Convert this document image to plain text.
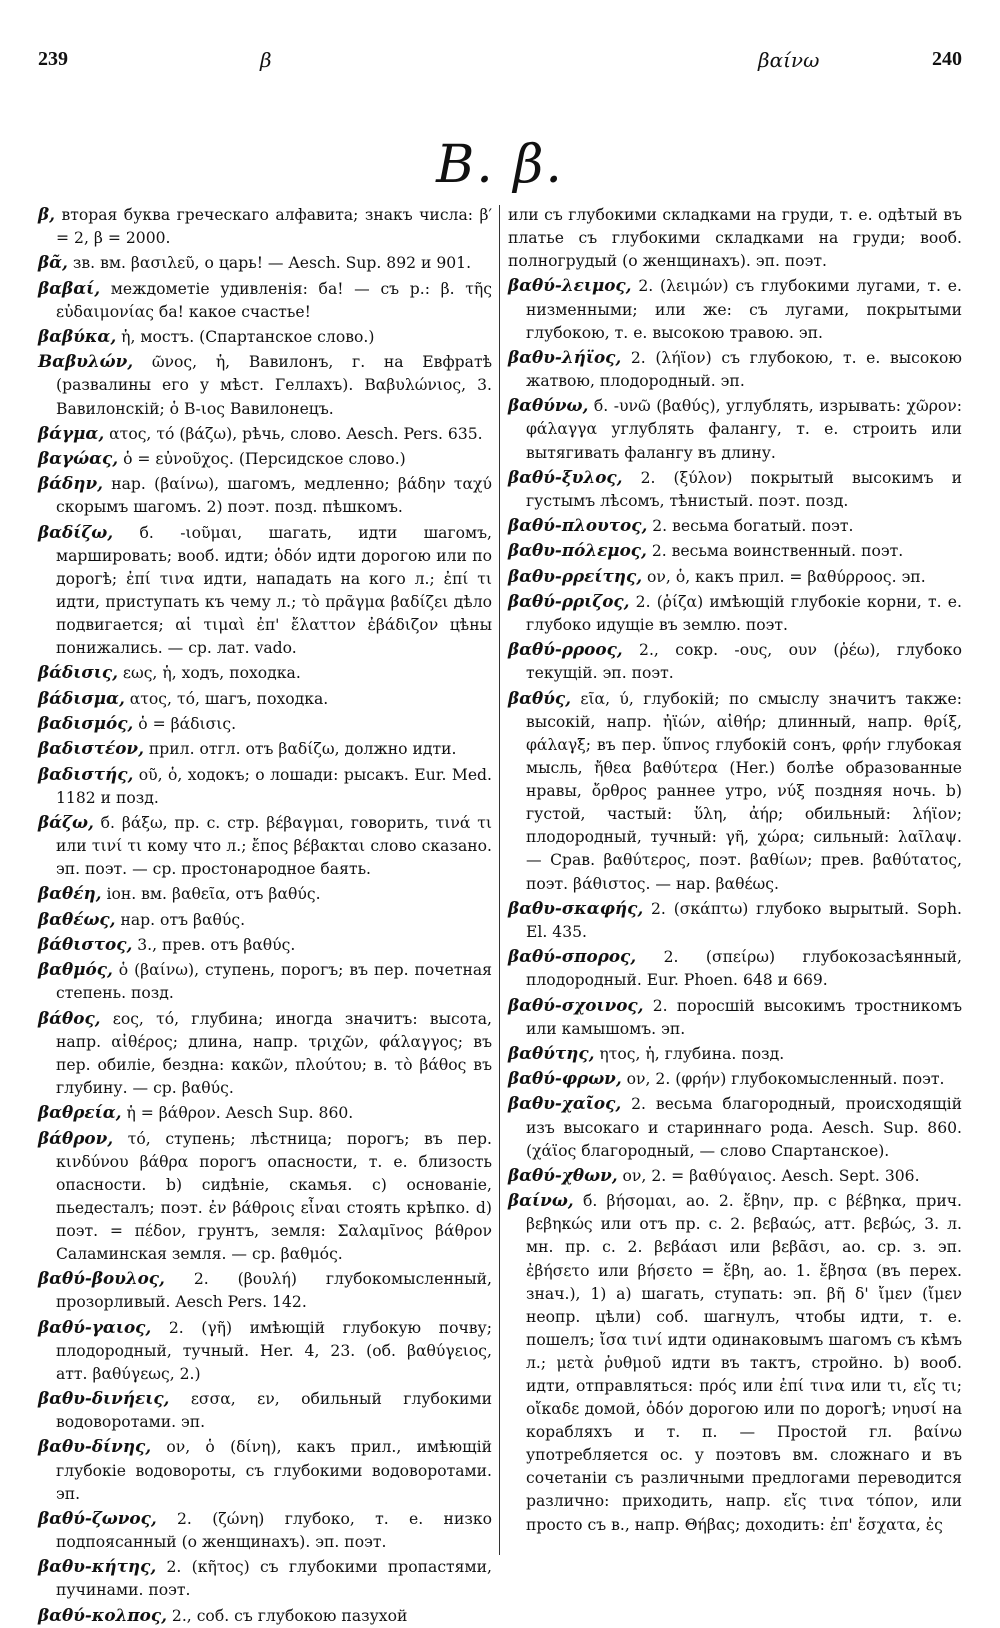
239	β	βαίνω	240
Β. β.

β, вторая буква греческаго алфавита; знакъ числа: β′ = 2, β = 2000.

βᾶ, зв. вм. βασιλεῦ, о царь! — Aesch. Sup. 892 и 901.

βαβαί, междометіе удивленія: ба! — съ р.: β. τῆς εὐδαιμονίας ба! какое счастье!

βαβύκα, ἡ, мостъ. (Спартанское слово.)

Βαβυλών, ῶνος, ἡ, Вавилонъ, г. на Евфратѣ (развалины его у мѣст. Геллахъ). Βαβυλώνιος, 3. Вавилонскій; ὁ Β-ιος Вавилонецъ.

βάγμα, ατος, τό (βάζω), рѣчь, слово. Aesch. Pers. 635.

βαγώας, ὁ = εὐνοῦχος. (Персидское слово.)

βάδην, нар. (βαίνω), шагомъ, медленно; βάδην ταχύ скорымъ шагомъ. 2) поэт. позд. пѣшкомъ.

βαδίζω, б. -ιοῦμαι, шагать, идти шагомъ, маршировать; вооб. идти; ὁδόν идти дорогою или по дорогѣ; ἐπί τινα идти, нападать на кого л.; ἐπί τι идти, приступать къ чему л.; τὸ πρᾶγμα βαδίζει дѣло подвигается; αἱ τιμαὶ ἐπ' ἔλαττον ἐβάδιζον цѣны понижались. — ср. лат. vado.

βάδισις, εως, ἡ, ходъ, походка.

βάδισμα, ατος, τό, шагъ, походка.

βαδισμός, ὁ = βάδισις.

βαδιστέον, прил. отгл. отъ βαδίζω, должно идти.

βαδιστής, οῦ, ὁ, ходокъ; о лошади: рысакъ. Eur. Med. 1182 и позд.

βάζω, б. βάξω, пр. с. стр. βέβαγμαι, говорить, τινά τι или τινί τι кому что л.; ἔπος βέβακται слово сказано. эп. поэт. — ср. простонародное баять.

βαθέη, іон. вм. βαθεῖα, отъ βαθύς.

βαθέως, нар. отъ βαθύς.

βάθιστος, 3., прев. отъ βαθύς.

βαθμός, ὁ (βαίνω), ступень, порогъ; въ пер. почетная степень. позд.

βάθος, εος, τό, глубина; иногда значитъ: высота, напр. αἰθέρος; длина, напр. τριχῶν, φάλαγγος; въ пер. обиліе, бездна: κακῶν, πλούτου; в. τὸ βάθος въ глубину. — ср. βαθύς.

βαθρεία, ἡ = βάθρον. Aesch Sup. 860.

βάθρον, τό, ступень; лѣстница; порогъ; въ пер. κινδύνου βάθρα порогъ опасности, т. е. близость опасности. b) сидѣніе, скамья. c) основаніе, пьедесталъ; поэт. ἐν βάθροις εἶναι стоять крѣпко. d) поэт. = πέδον, грунтъ, земля: Σαλαμῖνος βάθρον Саламинская земля. — ср. βαθμός.

βαθύ-βουλος, 2. (βουλή) глубокомысленный, прозорливый. Aesch Pers. 142.

βαθύ-γαιος, 2. (γῆ) имѣющій глубокую почву; плодородный, тучный. Her. 4, 23. (об. βαθύγειος, атт. βαθύγεως, 2.)

βαθυ-δινήεις, εσσα, εν, обильный глубокими водоворотами. эп.

βαθυ-δίνης, ον, ὁ (δίνη), какъ прил., имѣющій глубокіе водовороты, съ глубокими водоворотами. эп.

βαθύ-ζωνος, 2. (ζώνη) глубоко, т. е. низко подпоясанный (о женщинахъ). эп. поэт.

βαθυ-κήτης, 2. (κῆτος) съ глубокими пропастями, пучинами. поэт.

βαθύ-κολπος, 2., соб. съ глубокою пазухой

или съ глубокими складками на груди, т. е. одѣтый въ платье съ глубокими складками на груди; вооб. полногрудый (о женщинахъ). эп. поэт.

βαθύ-λειμος, 2. (λειμών) съ глубокими лугами, т. е. низменными; или же: съ лугами, покрытыми глубокою, т. е. высокою травою. эп.

βαθυ-λήϊος, 2. (λήϊον) съ глубокою, т. е. высокою жатвою, плодородный. эп.

βαθύνω, б. -υνῶ (βαθύς), углублять, изрывать: χῶρον: φάλαγγα углублять фалангу, т. е. строить или вытягивать фалангу въ длину.

βαθύ-ξυλος, 2. (ξύλον) покрытый высокимъ и густымъ лѣсомъ, тѣнистый. поэт. позд.

βαθύ-πλουτος, 2. весьма богатый. поэт.

βαθυ-πόλεμος, 2. весьма воинственный. поэт.

βαθυ-ρρείτης, ον, ὁ, какъ прил. = βαθύρροος. эп.

βαθύ-ρριζος, 2. (ῥίζα) имѣющій глубокіе корни, т. е. глубоко идущіе въ землю. поэт.

βαθύ-ρροος, 2., сокр. -ους, ουν (ῥέω), глубоко текущій. эп. поэт.

βαθύς, εῖα, ύ, глубокій; по смыслу значитъ также: высокій, напр. ἠϊών, αἰθήρ; длинный, напр. θρίξ, φάλαγξ; въ пер. ὕπνος глубокій сонъ, φρήν глубокая мысль, ἤθεα βαθύτερα (Her.) болѣе образованные нравы, ὄρθρος раннее утро, νύξ поздняя ночь. b) густой, частый: ὕλη, ἀήρ; обильный: λήϊον; плодородный, тучный: γῆ, χώρα; сильный: λαῖλαψ. — Срав. βαθύτερος, поэт. βαθίων; прев. βαθύτατος, поэт. βάθιστος. — нар. βαθέως.

βαθυ-σκαφής, 2. (σκάπτω) глубоко вырытый. Soph. El. 435.

βαθύ-σπορος, 2. (σπείρω) глубокозасѣянный, плодородный. Eur. Phoen. 648 и 669.

βαθύ-σχοινος, 2. поросшій высокимъ тростникомъ или камышомъ. эп.

βαθύτης, ητος, ἡ, глубина. позд.

βαθύ-φρων, ον, 2. (φρήν) глубокомысленный. поэт.

βαθυ-χαῖος, 2. весьма благородный, происходящій изъ высокаго и стариннаго рода. Aesch. Sup. 860. (χάϊος благородный, — слово Спартанское).

βαθύ-χθων, ον, 2. = βαθύγαιος. Aesch. Sept. 306.

βαίνω, б. βήσομαι, ао. 2. ἔβην, пр. с βέβηκα, прич. βεβηκώς или отъ пр. с. 2. βεβαώς, атт. βεβώς, 3. л. мн. пр. с. 2. βεβάασι или βεβᾶσι, ао. ср. з. эп. ἐβήσετο или βήσετο = ἔβη, ао. 1. ἔβησα (въ перех. знач.), 1) а) шагать, ступать: эп. βῆ δ' ἴμεν (ἴμεν неопр. цѣли) соб. шагнулъ, чтобы идти, т. е. пошелъ; ἴσα τινί идти одинаковымъ шагомъ съ кѣмъ л.; μετὰ ῥυθμοῦ идти въ тактъ, стройно. b) вооб. идти, отправляться: πρός или ἐπί τινα или τι, εἴς τι; οἴκαδε домой, ὁδόν дорогою или по дорогѣ; νηυσί на корабляхъ и т. п. — Простой гл. βαίνω употребляется ос. у поэтовъ вм. сложнаго и въ сочетаніи съ различными предлогами переводится различно: приходить, напр. εἴς τινα τόπον, или просто съ в., напр. Θήβας; доходить: ἐπ' ἔσχατα, ἐς
